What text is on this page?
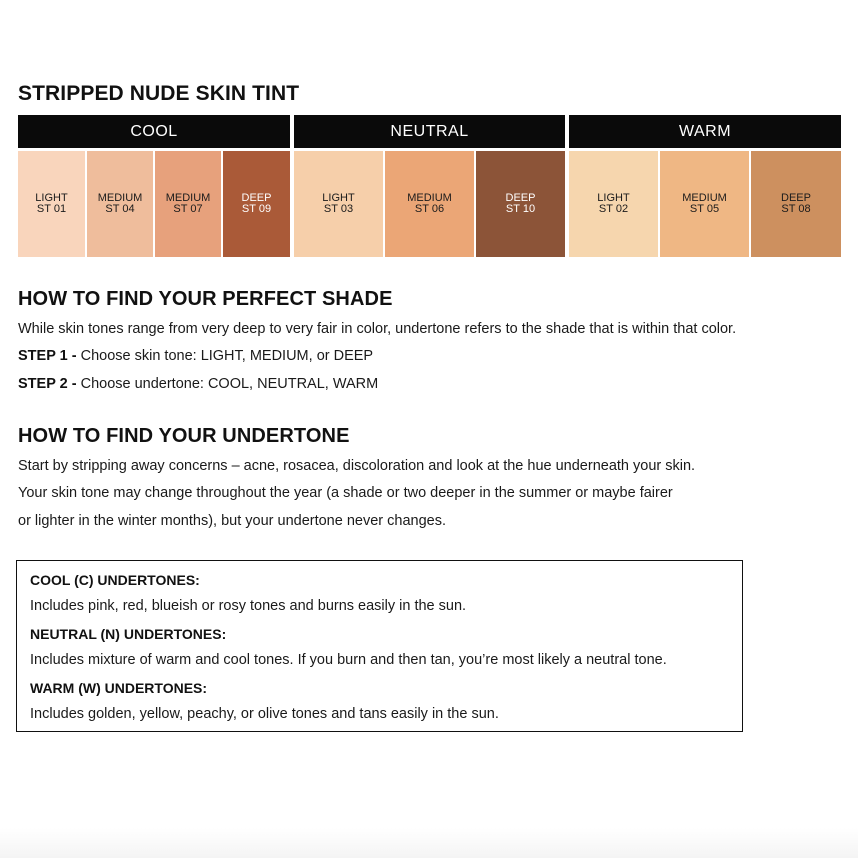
STRIPPED NUDE SKIN TINT
COOL
LIGHT
ST 01
MEDIUM
ST 04
MEDIUM
ST 07
DEEP
ST 09
NEUTRAL
LIGHT
ST 03
MEDIUM
ST 06
DEEP
ST 10
WARM
LIGHT
ST 02
MEDIUM
ST 05
DEEP
ST 08
HOW TO FIND YOUR PERFECT SHADE
While skin tones range from very deep to very fair in color, undertone refers to the shade that is within that color.
STEP 1 - Choose skin tone: LIGHT, MEDIUM, or DEEP
STEP 2 - Choose undertone: COOL, NEUTRAL, WARM
HOW TO FIND YOUR UNDERTONE
Start by stripping away concerns – acne, rosacea, discoloration and look at the hue underneath your skin.
Your skin tone may change throughout the year (a shade or two deeper in the summer or maybe fairer
or lighter in the winter months), but your undertone never changes.
COOL (C) UNDERTONES:
Includes pink, red, blueish or rosy tones and burns easily in the sun.
NEUTRAL (N) UNDERTONES:
Includes mixture of warm and cool tones. If you burn and then tan, you’re most likely a neutral tone.
WARM (W) UNDERTONES:
Includes golden, yellow, peachy, or olive tones and tans easily in the sun.
